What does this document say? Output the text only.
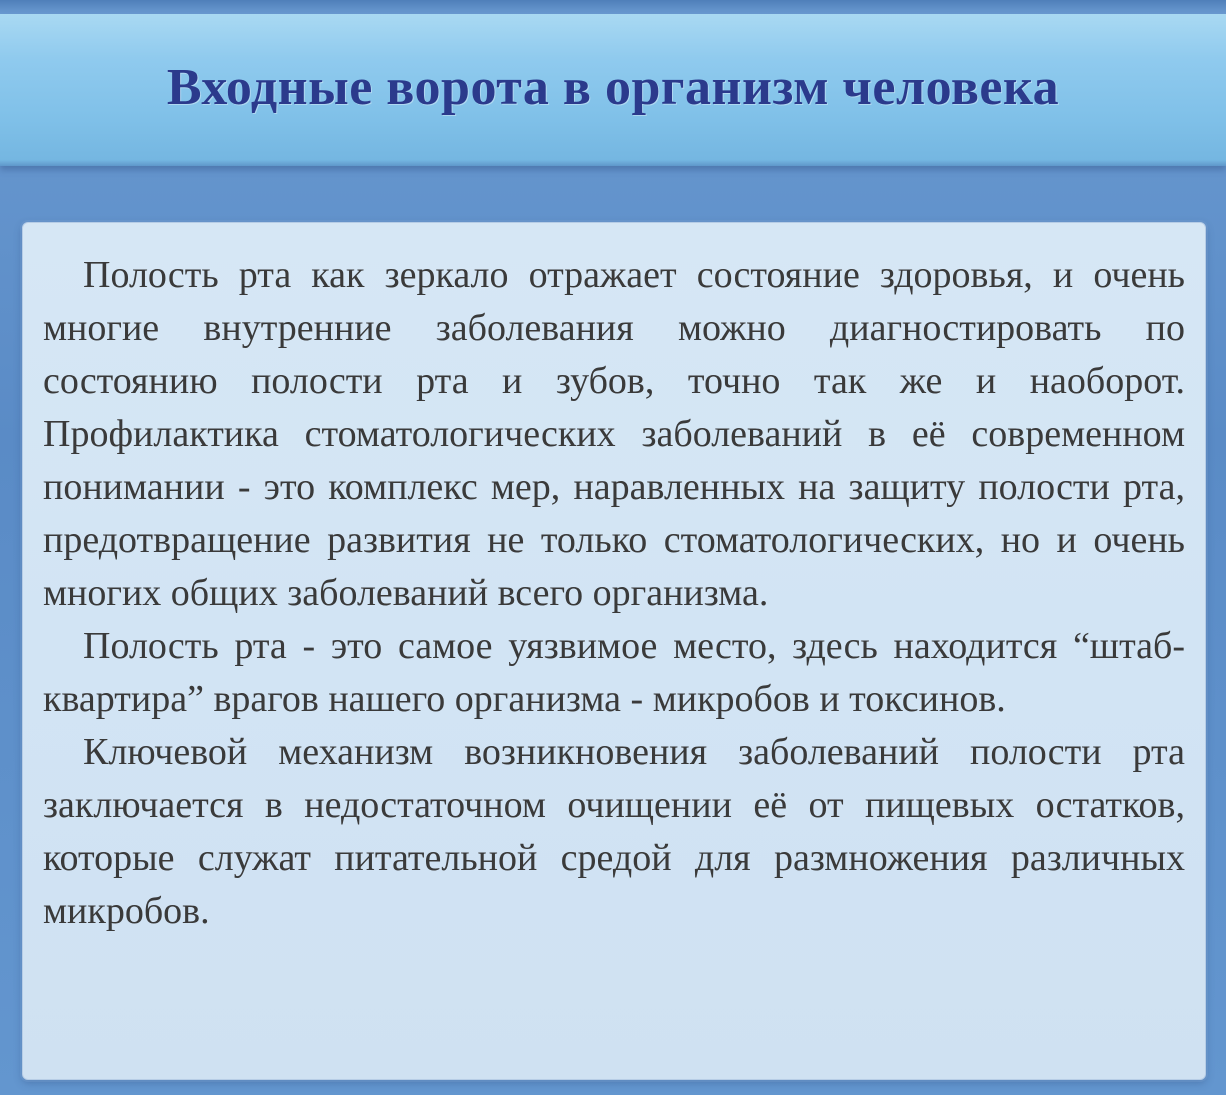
Входные ворота в организм человека

Полость рта как зеркало отражает состояние здоровья, и очень многие внутренние заболевания можно диагностировать по состоянию полости рта и зубов, точно так же и наоборот. Профилактика стоматологических заболеваний в её современном понимании - это комплекс мер, наравленных на защиту полости рта, предотвращение развития не только стоматологических, но и очень многих общих заболеваний всего организма.

Полость рта - это самое уязвимое место, здесь находится “штаб-квартира” врагов нашего организма - микробов и токсинов.

Ключевой механизм возникновения заболеваний полости рта заключается в недостаточном очищении её от пищевых остатков, которые служат питательной средой для размножения различных микробов.
